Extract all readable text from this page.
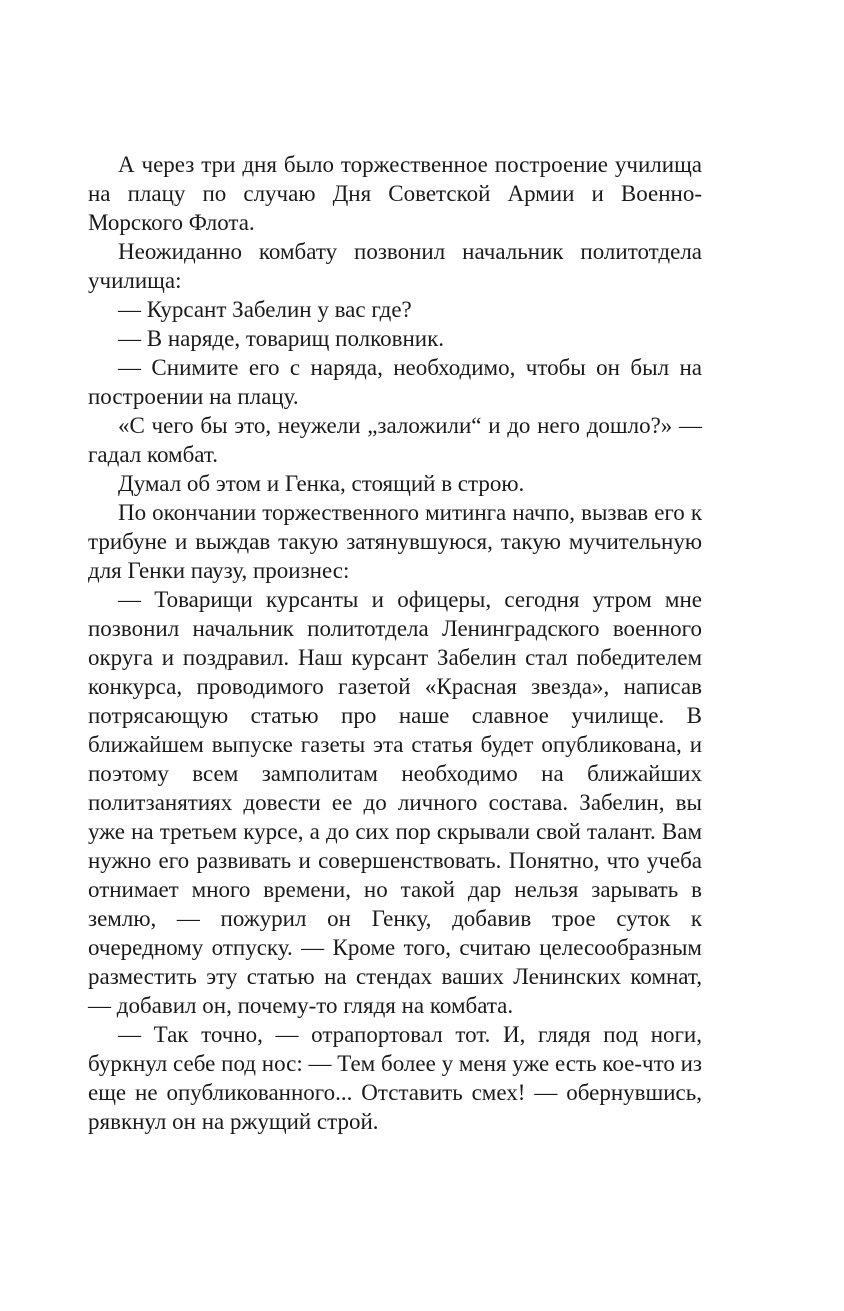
А через три дня было торжественное построение училища на плацу по случаю Дня Советской Армии и Военно-Морского Флота.

Неожиданно комбату позвонил начальник политотдела училища:

— Курсант Забелин у вас где?

— В наряде, товарищ полковник.

— Снимите его с наряда, необходимо, чтобы он был на построении на плацу.

«С чего бы это, неужели „заложили“ и до него дошло?» — гадал комбат.

Думал об этом и Генка, стоящий в строю.

По окончании торжественного митинга начпо, вызвав его к трибуне и выждав такую затянувшуюся, такую мучительную для Генки паузу, произнес:

— Товарищи курсанты и офицеры, сегодня утром мне позвонил начальник политотдела Ленинградского военного округа и поздравил. Наш курсант Забелин стал победителем конкурса, проводимого газетой «Красная звезда», написав потрясающую статью про наше славное училище. В ближайшем выпуске газеты эта статья будет опубликована, и поэтому всем замполитам необходимо на ближайших политзанятиях довести ее до личного состава. Забелин, вы уже на третьем курсе, а до сих пор скрывали свой талант. Вам нужно его развивать и совершенствовать. Понятно, что учеба отнимает много времени, но такой дар нельзя зарывать в землю, — пожурил он Генку, добавив трое суток к очередному отпуску. — Кроме того, считаю целесообразным разместить эту статью на стендах ваших Ленинских комнат, — добавил он, почему-то глядя на комбата.

— Так точно, — отрапортовал тот. И, глядя под ноги, буркнул себе под нос: — Тем более у меня уже есть кое-что из еще не опубликованного... Отставить смех! — обернувшись, рявкнул он на ржущий строй.
